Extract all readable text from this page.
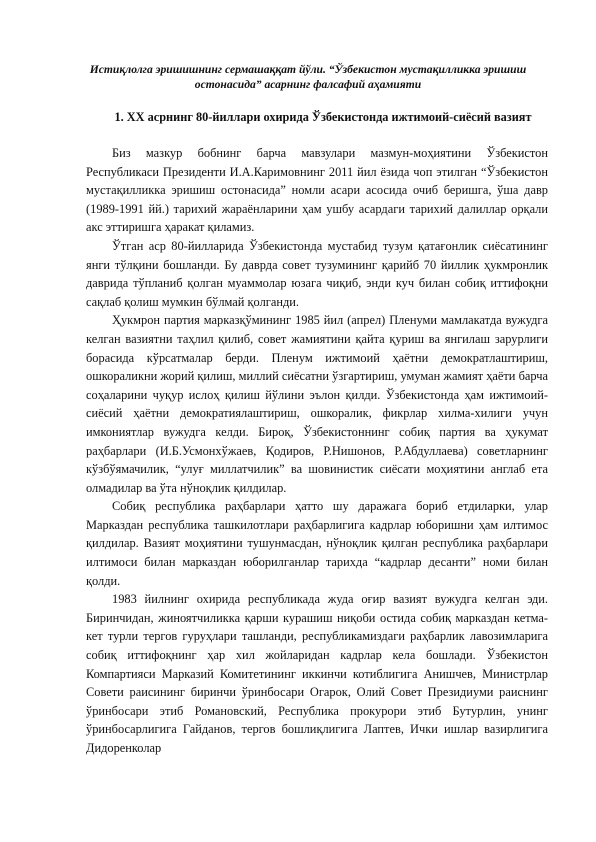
Истиқлолга эришишнинг сермашаққат йўли. “Ўзбекистон мустақилликка эришиш остонасида” асарнинг фалсафий аҳамияти

1. XX асрнинг 80-йиллари охирида Ўзбекистонда ижтимоий-сиёсий вазият

Биз мазкур бобнинг барча мавзулари мазмун-моҳиятини Ўзбекистон Республикаси Президенти И.А.Каримовнинг 2011 йил ёзида чоп этилган “Ўзбекистон мустақилликка эришиш остонасида” номли асари асосида очиб беришга, ўша давр (1989-1991 йй.) тарихий жараёнларини ҳам ушбу асардаги тарихий далиллар орқали акс эттиришга ҳаракат қиламиз.

Ўтган аср 80-йилларида Ўзбекистонда мустабид тузум қатағонлик сиёсатининг янги тўлқини бошланди. Бу даврда совет тузумининг қарийб 70 йиллик ҳукмронлик даврида тўпланиб қолган муаммолар юзага чиқиб, энди куч билан собиқ иттифоқни сақлаб қолиш мумкин бўлмай қолганди.

Ҳукмрон партия марказқўмининг 1985 йил (апрел) Пленуми мамлакатда вужудга келган вазиятни таҳлил қилиб, совет жамиятини қайта қуриш ва янгилаш зарурлиги борасида кўрсатмалар берди. Пленум ижтимоий ҳаётни демократлаштириш, ошкораликни жорий қилиш, миллий сиёсатни ўзгартириш, умуман жамият ҳаёти барча соҳаларини чуқур ислоҳ қилиш йўлини эълон қилди. Ўзбекистонда ҳам ижтимоий-сиёсий ҳаётни демократиялаштириш, ошкоралик, фикрлар хилма-хилиги учун имкониятлар вужудга келди. Бироқ, Ўзбекистоннинг собиқ партия ва ҳукумат раҳбарлари (И.Б.Усмонхўжаев, Қодиров, Р.Нишонов, Р.Абдуллаева) советларнинг кўзбўямачилик, “улуғ миллатчилик” ва шовинистик сиёсати моҳиятини англаб ета олмадилар ва ўта нўноқлик қилдилар.

Собиқ республика раҳбарлари ҳатто шу даражага бориб етдиларки, улар Марказдан республика ташкилотлари раҳбарлигига кадрлар юборишни ҳам илтимос қилдилар. Вазият моҳиятини тушунмасдан, нўноқлик қилган республика раҳбарлари илтимоси билан марказдан юборилганлар тарихда “кадрлар десанти” номи билан қолди.

1983 йилнинг охирида республикада жуда оғир вазият вужудга келган эди. Биринчидан, жиноятчиликка қарши курашиш ниқоби остида собиқ марказдан кетма-кет турли тергов гуруҳлари ташланди, республикамиздаги раҳбарлик лавозимларига собиқ иттифоқнинг ҳар хил жойларидан кадрлар кела бошлади. Ўзбекистон Компартияси Марказий Комитетининг иккинчи котиблигига Анишчев, Министрлар Совети раисининг биринчи ўринбосари Огарок, Олий Совет Президиуми раиснинг ўринбосари этиб Романовский, Республика прокурори этиб Бутурлин, унинг ўринбосарлигига Гайданов, тергов бошлиқлигига Лаптев, Ички ишлар вазирлигига Дидоренколар
